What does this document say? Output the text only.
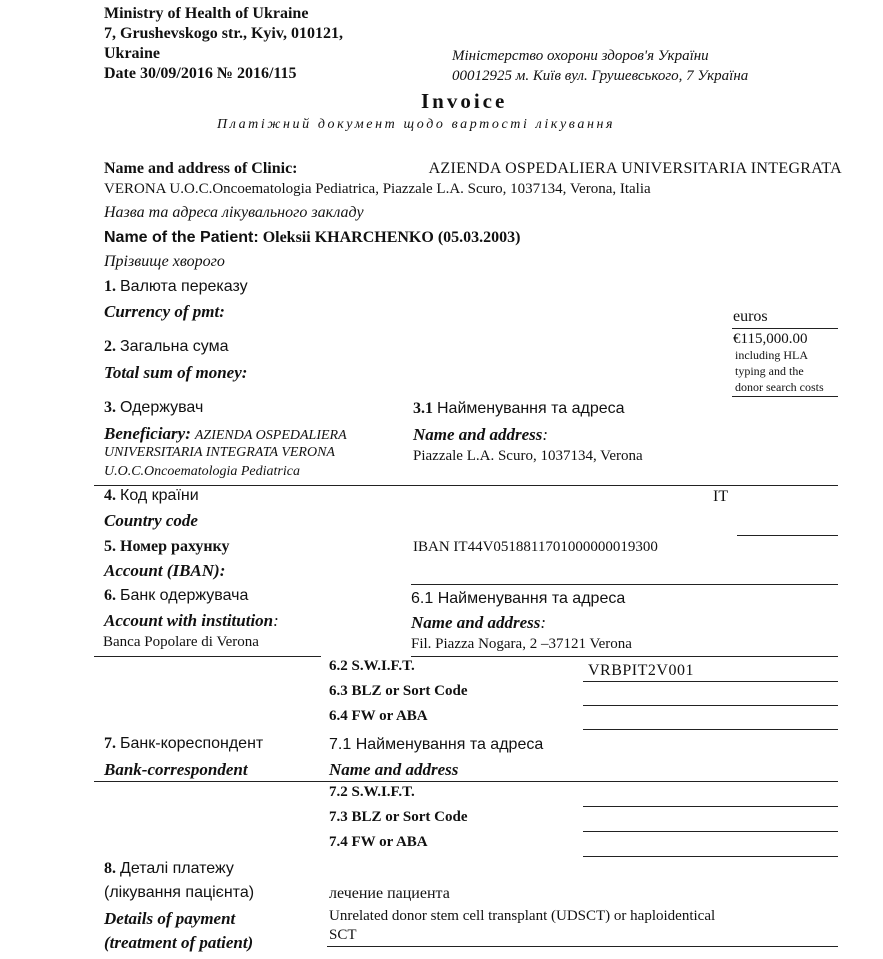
Ministry of Health of Ukraine
7, Grushevskogo str., Kyiv, 010121,
Ukraine
Date 30/09/2016 № 2016/115
Міністерство охорони здоров'я України
00012925 м. Київ вул. Грушевського, 7 Україна
Invoice
Платіжний документ щодо вартості лікування
Name and address of Clinic:	AZIENDA OSPEDALIERA UNIVERSITARIA INTEGRATA
VERONA U.O.C.Oncoematologia Pediatrica, Piazzale L.A. Scuro, 1037134, Verona, Italia
Назва та адреса лікувального закладу
Name of the Patient: Oleksii KHARCHENKO (05.03.2003)
Прізвище хворого
1. Валюта переказу
Currency of pmt:	euros
2. Загальна сума
Total sum of money:
€115,000.00
including HLA
typing and the
donor search costs
3. Одержувач
Beneficiary: AZIENDA OSPEDALIERA
UNIVERSITARIA INTEGRATA VERONA
U.O.C.Oncoematologia Pediatrica
3.1 Найменування та адреса
Name and address:
Piazzale L.A. Scuro, 1037134, Verona
4. Код країни
Country code
IT
5. Номер рахунку
Account (IBAN):
IBAN IT44V0518811701000000019300
6. Банк одержувача
Account with institution:
Banca Popolare di Verona
6.1 Найменування та адреса
Name and address:
Fil. Piazza Nogara, 2 –37121 Verona
6.2 S.W.I.F.T.	VRBPIT2V001
6.3 BLZ or Sort Code
6.4 FW or ABA
7. Банк-кореспондент
Bank-correspondent
7.1 Найменування та адреса
Name and address
7.2 S.W.I.F.T.
7.3 BLZ or Sort Code
7.4 FW or ABA
8. Деталі платежу
(лікування пацієнта)
Details of payment
(treatment of patient)
лечение пациента
Unrelated donor stem cell transplant (UDSCT) or haploidentical
SCT
